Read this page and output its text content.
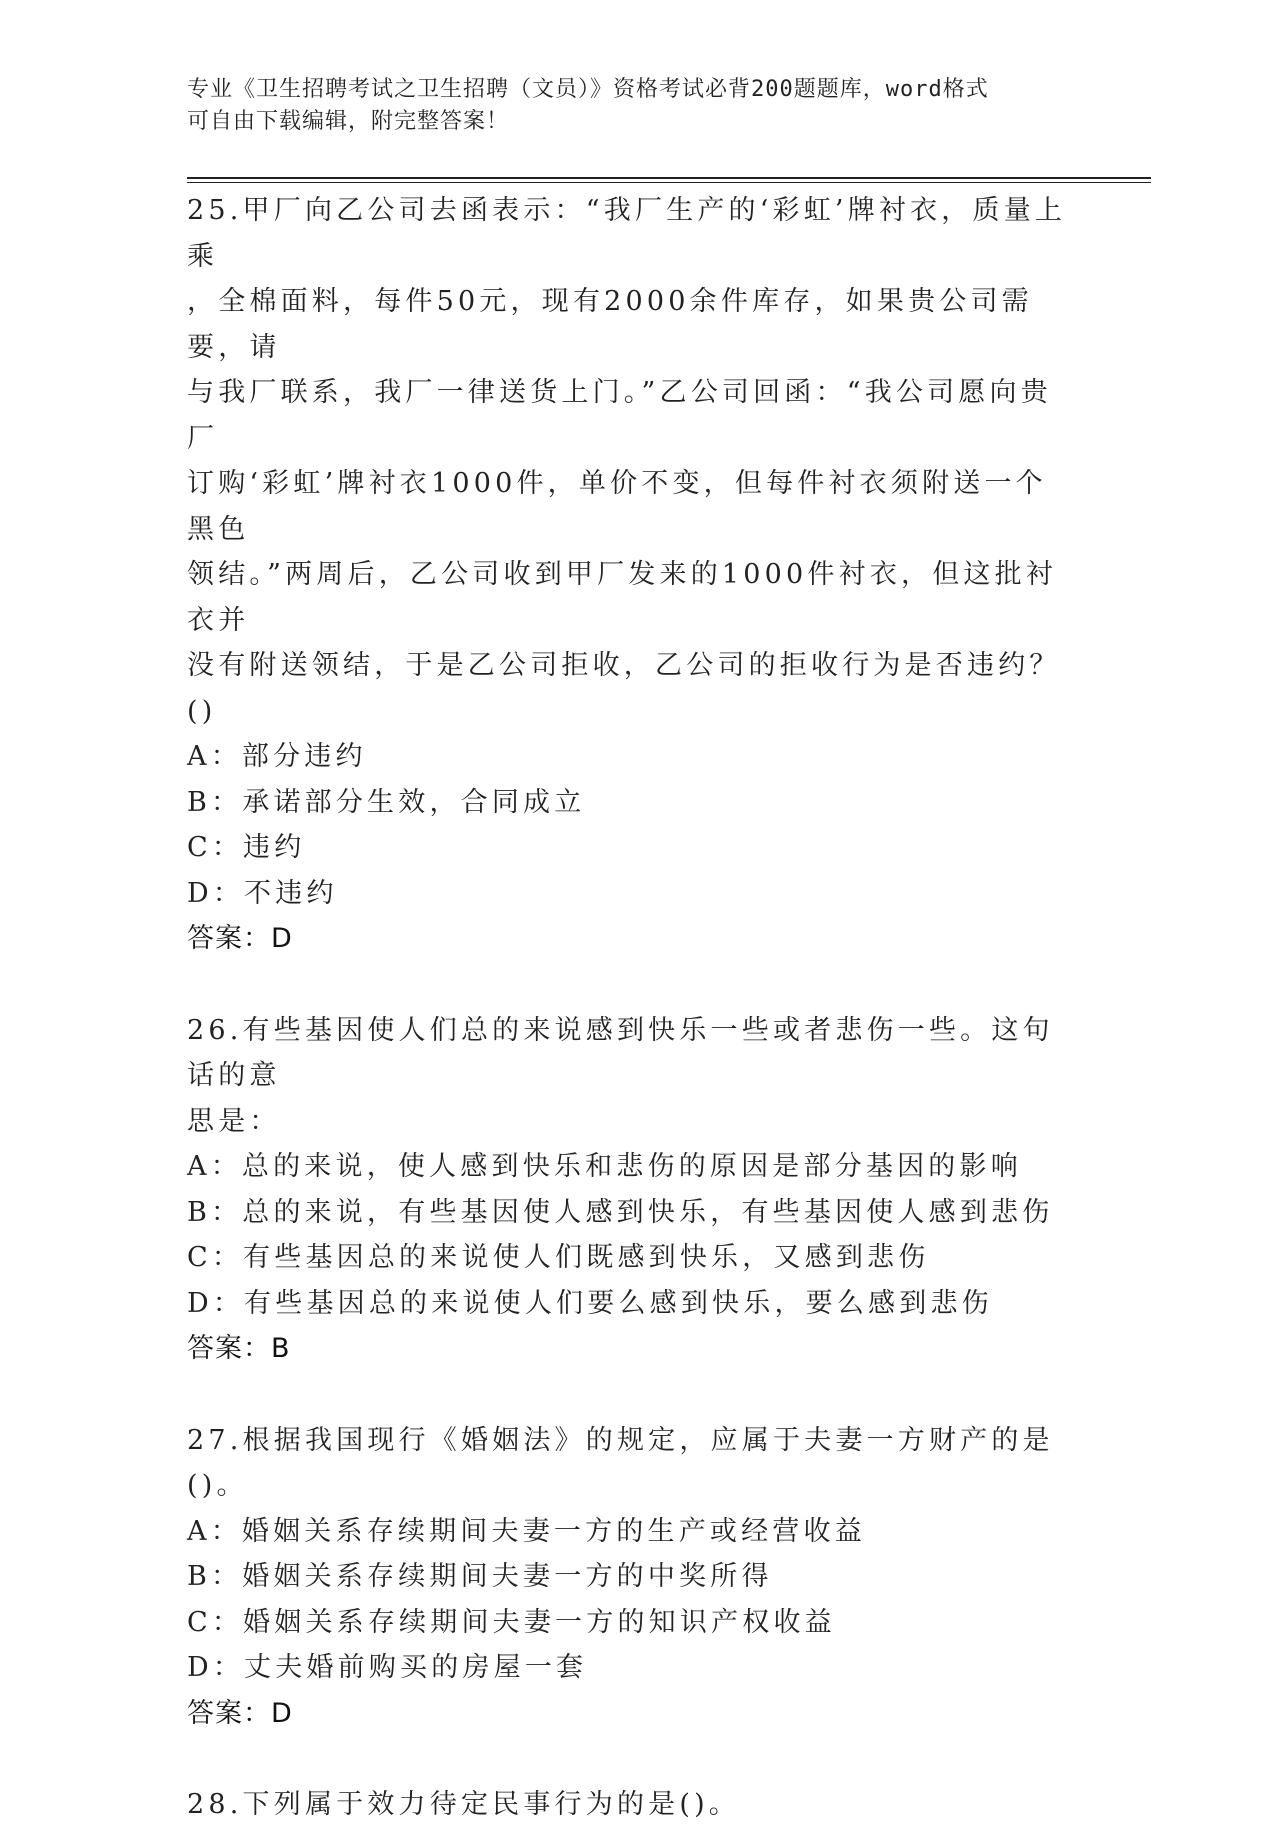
专业《卫生招聘考试之卫生招聘（文员）》资格考试必背200题题库，word格式
可自由下载编辑，附完整答案！

25.甲厂向乙公司去函表示：“我厂生产的‘彩虹’牌衬衣，质量上乘

，全棉面料，每件50元，现有2000余件库存，如果贵公司需要，请

与我厂联系，我厂一律送货上门。”乙公司回函：“我公司愿向贵厂

订购‘彩虹’牌衬衣1000件，单价不变，但每件衬衣须附送一个黑色

领结。”两周后，乙公司收到甲厂发来的1000件衬衣，但这批衬衣并

没有附送领结，于是乙公司拒收，乙公司的拒收行为是否违约？()

A：部分违约

B：承诺部分生效，合同成立

C：违约

D：不违约

答案：D

26.有些基因使人们总的来说感到快乐一些或者悲伤一些。这句话的意

思是：

A：总的来说，使人感到快乐和悲伤的原因是部分基因的影响

B：总的来说，有些基因使人感到快乐，有些基因使人感到悲伤

C：有些基因总的来说使人们既感到快乐，又感到悲伤

D：有些基因总的来说使人们要么感到快乐，要么感到悲伤

答案：B

27.根据我国现行《婚姻法》的规定，应属于夫妻一方财产的是()。

A：婚姻关系存续期间夫妻一方的生产或经营收益

B：婚姻关系存续期间夫妻一方的中奖所得

C：婚姻关系存续期间夫妻一方的知识产权收益

D：丈夫婚前购买的房屋一套

答案：D

28.下列属于效力待定民事行为的是()。
